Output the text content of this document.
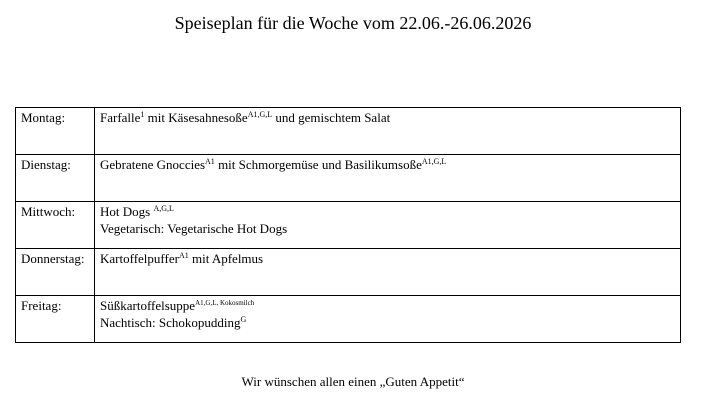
Speiseplan für die Woche vom 22.06.-26.06.2026
Montag:	Farfalle$^1$ mit Käsesahnesoße$^{A1,G,L}$ und gemischtem Salat
Dienstag:	Gebratene Gnoccies$^{A1}$ mit Schmorgemüse und Basilikumsoße$^{A1,G,L}$
Mittwoch:	Hot Dogs $^{A,G,L}$
Vegetarisch: Vegetarische Hot Dogs
Donnerstag:	Kartoffelpuffer$^{A1}$ mit Apfelmus
Freitag:	Süßkartoffelsuppe$^{A1,G,L, Kokosmilch}$
Nachtisch: Schokopudding$^G$
Wir wünschen allen einen „Guten Appetit“
